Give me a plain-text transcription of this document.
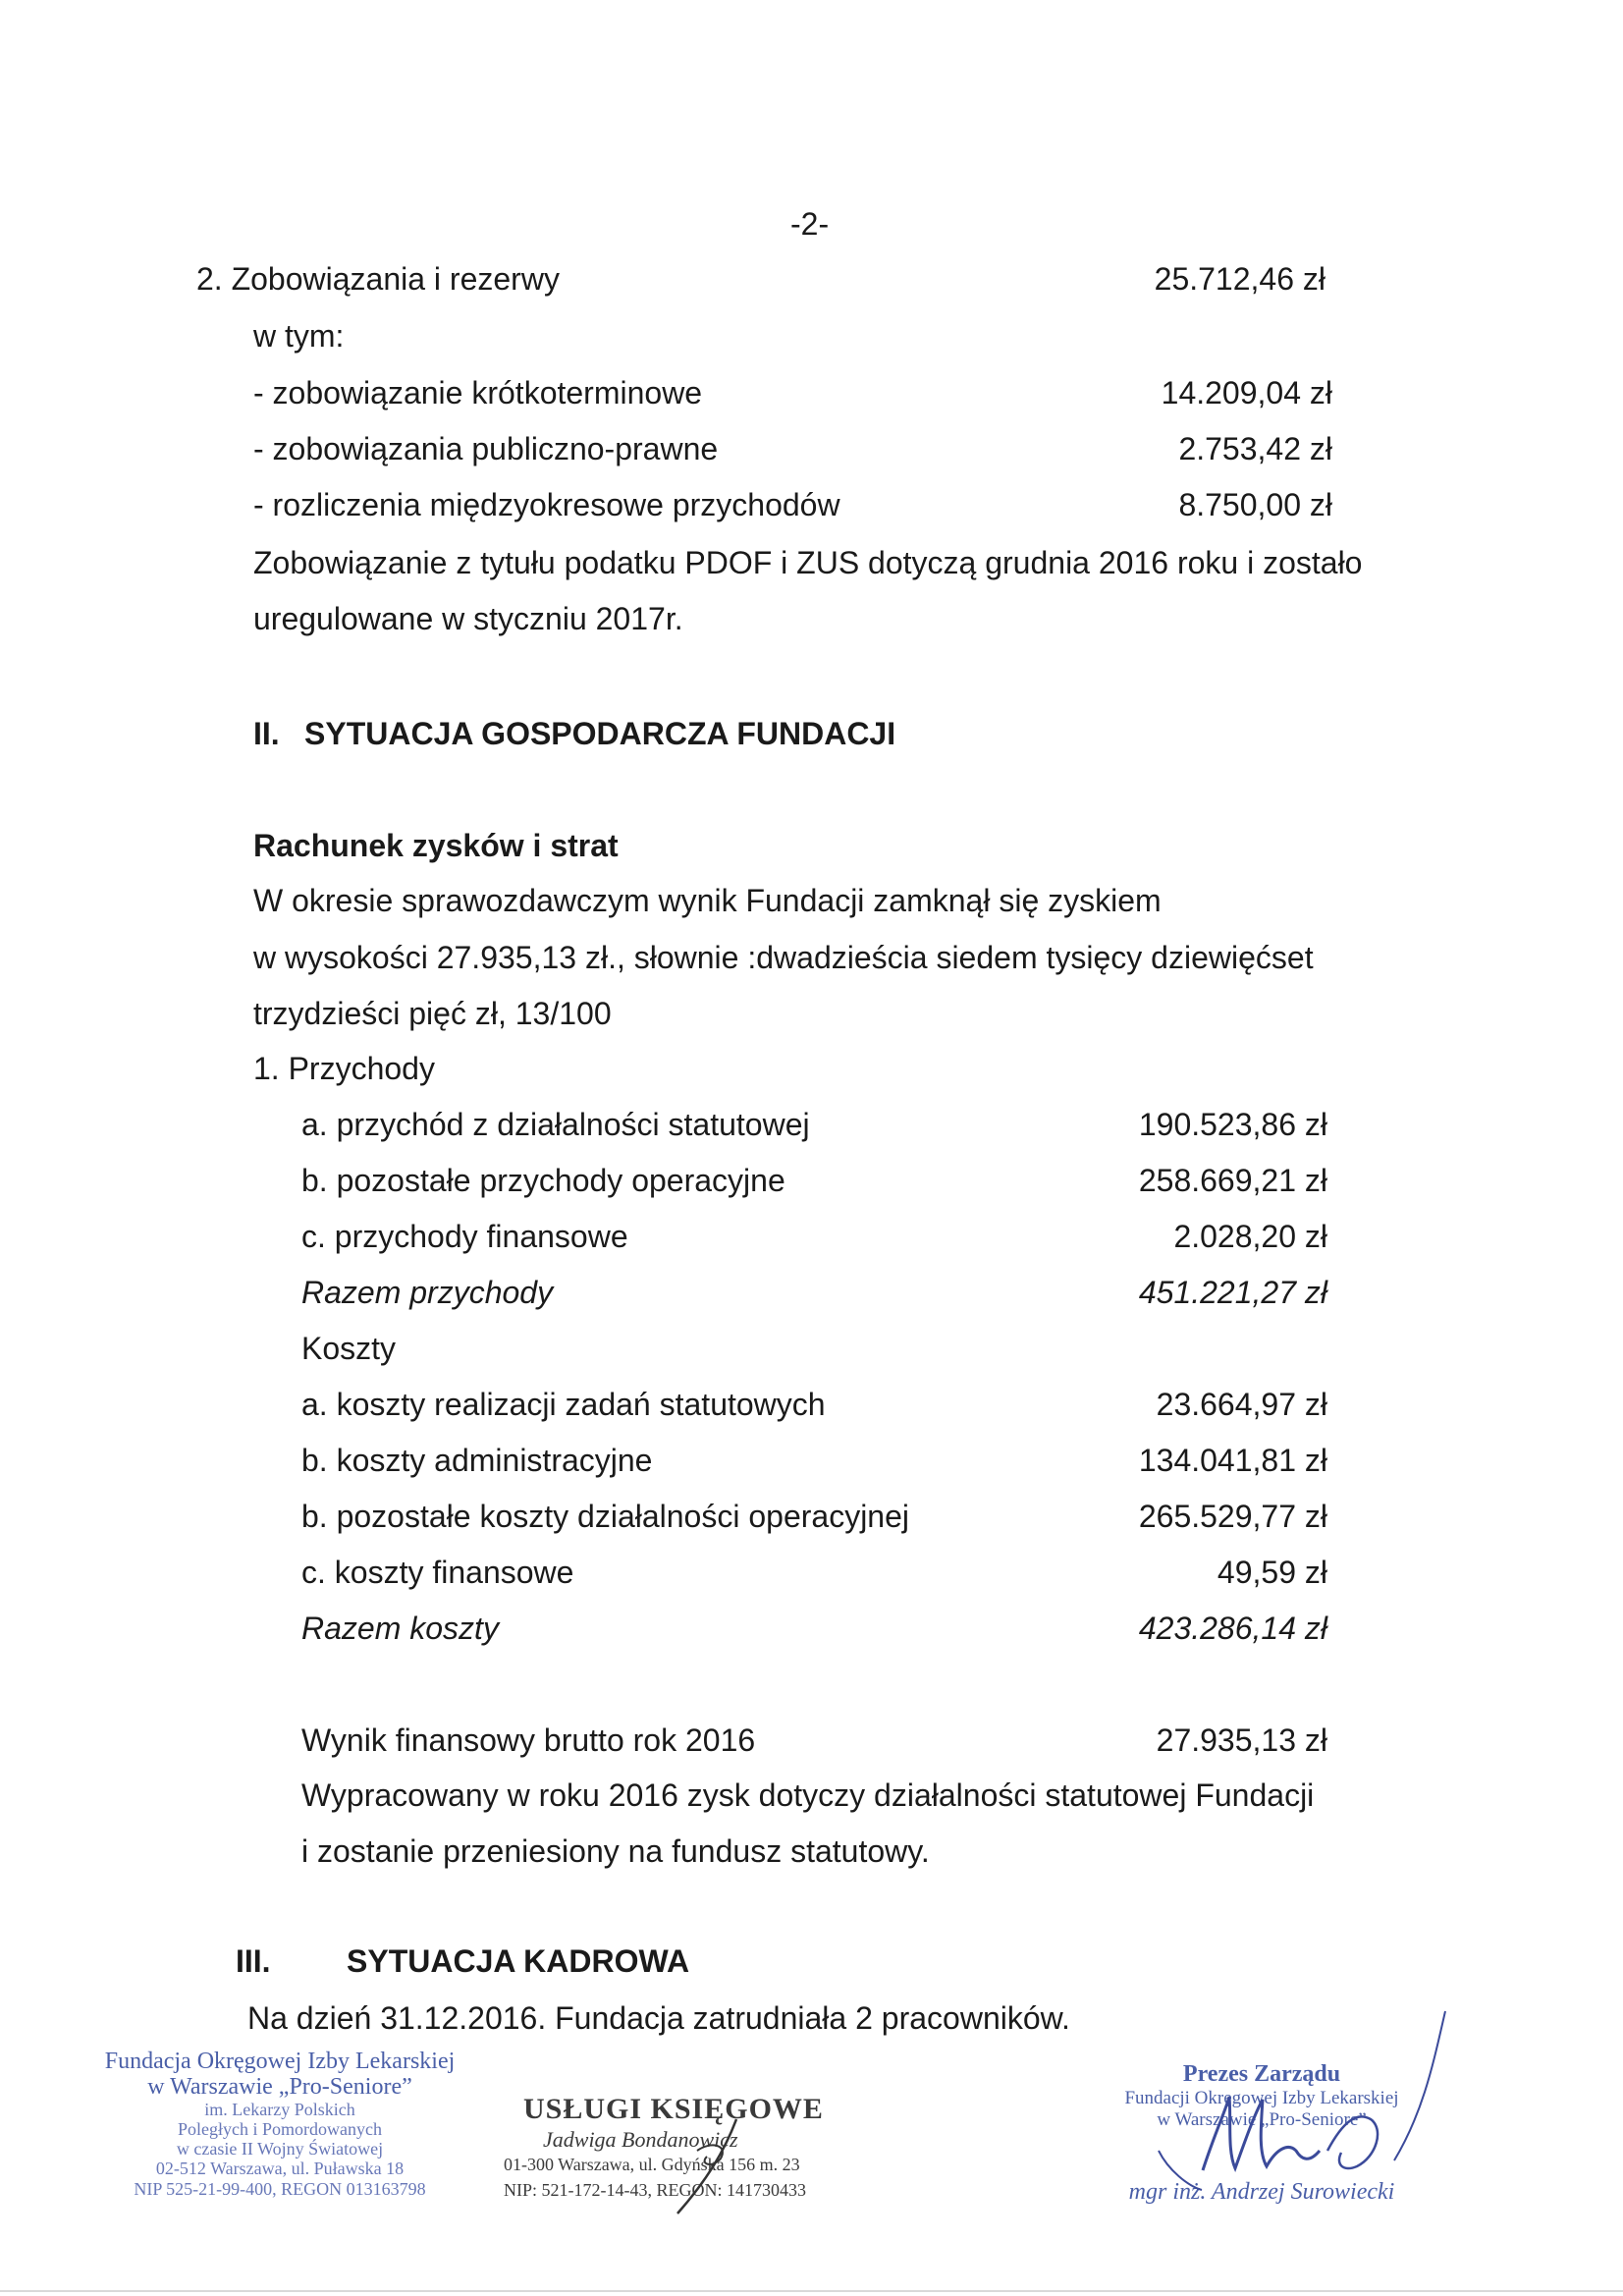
-2-
2. Zobowiązania i rezerwy	25.712,46 zł
w tym:
- zobowiązanie krótkoterminowe	14.209,04 zł
- zobowiązania publiczno-prawne	2.753,42 zł
- rozliczenia międzyokresowe przychodów	8.750,00 zł
Zobowiązanie z tytułu podatku PDOF i ZUS dotyczą grudnia 2016 roku i zostało
uregulowane w styczniu 2017r.
II. SYTUACJA GOSPODARCZA FUNDACJI
Rachunek zysków i strat
W okresie sprawozdawczym wynik Fundacji zamknął się zyskiem
w wysokości 27.935,13 zł., słownie :dwadzieścia siedem tysięcy dziewięćset
trzydzieści pięć zł, 13/100
1. Przychody
a. przychód z działalności statutowej	190.523,86 zł
b. pozostałe przychody operacyjne	258.669,21 zł
c. przychody finansowe	2.028,20 zł
Razem przychody	451.221,27 zł
Koszty
a. koszty realizacji zadań statutowych	23.664,97 zł
b. koszty administracyjne	134.041,81 zł
b. pozostałe koszty działalności operacyjnej	265.529,77 zł
c. koszty finansowe	49,59 zł
Razem koszty	423.286,14 zł
Wynik finansowy brutto rok 2016	27.935,13 zł
Wypracowany w roku 2016 zysk dotyczy działalności statutowej Fundacji
i zostanie przeniesiony na fundusz statutowy.
III. SYTUACJA KADROWA
Na dzień 31.12.2016. Fundacja zatrudniała 2 pracowników.
Fundacja Okręgowej Izby Lekarskiej
w Warszawie „Pro-Seniore”
im. Lekarzy Polskich
Poległych i Pomordowanych
w czasie II Wojny Światowej
02-512 Warszawa, ul. Puławska 18
NIP 525-21-99-400, REGON 013163798
USŁUGI KSIĘGOWE
Jadwiga Bondanowicz
01-300 Warszawa, ul. Gdyńska 156 m. 23
NIP: 521-172-14-43, REGON: 141730433
Prezes Zarządu
Fundacji Okręgowej Izby Lekarskiej
w Warszawie „Pro-Seniore”
mgr inż. Andrzej Surowiecki
